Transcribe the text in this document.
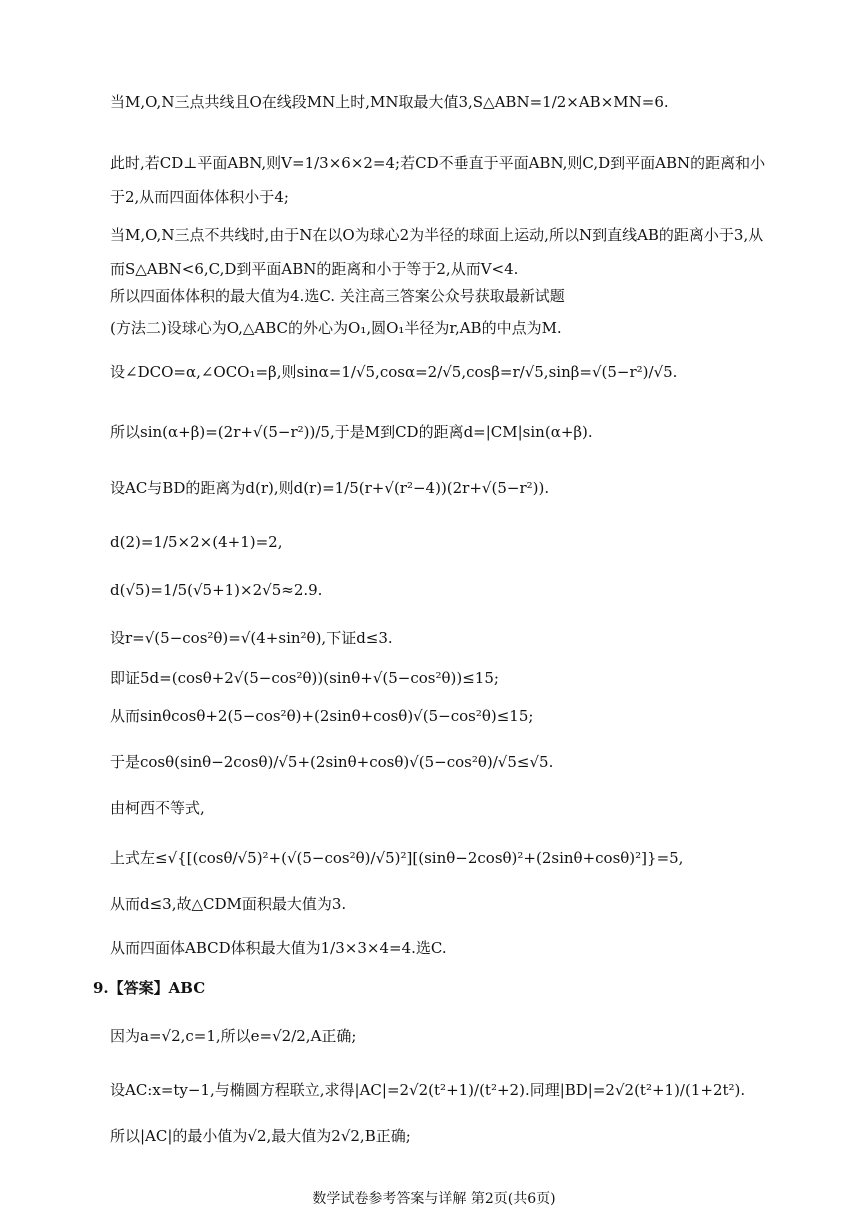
当M,O,N三点共线且O在线段MN上时,MN取最大值3,S△ABN=1/2×AB×MN=6.
此时,若CD⊥平面ABN,则V=1/3×6×2=4;若CD不垂直于平面ABN,则C,D到平面ABN的距离和小于2,从而四面体体积小于4;
当M,O,N三点不共线时,由于N在以O为球心2为半径的球面上运动,所以N到直线AB的距离小于3,从而S△ABN<6,C,D到平面ABN的距离和小于等于2,从而V<4.
所以四面体体积的最大值为4.选C. 关注高三答案公众号获取最新试题
(方法二)设球心为O,△ABC的外心为O₁,圆O₁半径为r,AB的中点为M.
设∠DCO=α,∠OCO₁=β,则sinα=1/√5,cosα=2/√5,cosβ=r/√5,sinβ=√(5−r²)/√5.
所以sin(α+β)=(2r+√(5−r²))/5,于是M到CD的距离d=|CM|sin(α+β).
设AC与BD的距离为d(r),则d(r)=1/5(r+√(r²−4))(2r+√(5−r²)).
d(2)=1/5×2×(4+1)=2,
d(√5)=1/5(√5+1)×2√5≈2.9.
设r=√(5−cos²θ)=√(4+sin²θ),下证d≤3.
即证5d=(cosθ+2√(5−cos²θ))(sinθ+√(5−cos²θ))≤15;
从而sinθcosθ+2(5−cos²θ)+(2sinθ+cosθ)√(5−cos²θ)≤15;
于是cosθ(sinθ−2cosθ)/√5+(2sinθ+cosθ)√(5−cos²θ)/√5≤√5.
由柯西不等式,
上式左≤√{[(cosθ/√5)²+(√(5−cos²θ)/√5)²][(sinθ−2cosθ)²+(2sinθ+cosθ)²]}=5,
从而d≤3,故△CDM面积最大值为3.
从而四面体ABCD体积最大值为1/3×3×4=4.选C.
9.【答案】ABC
因为a=√2,c=1,所以e=√2/2,A正确;
设AC:x=ty−1,与椭圆方程联立,求得|AC|=2√2(t²+1)/(t²+2).同理|BD|=2√2(t²+1)/(1+2t²).
所以|AC|的最小值为√2,最大值为2√2,B正确;
数学试卷参考答案与详解 第2页(共6页)
